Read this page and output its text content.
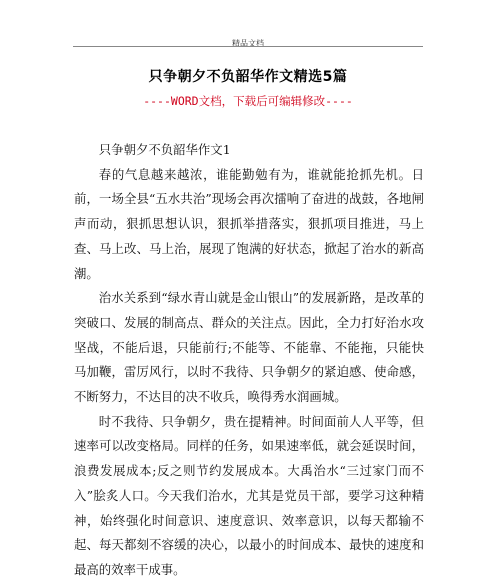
精品文档
只争朝夕不负韶华作文精选5篇
----WORD文档，下载后可编辑修改----

只争朝夕不负韶华作文1

春的气息越来越浓，谁能勤勉有为，谁就能抢抓先机。日前，一场全县“五水共治”现场会再次擂响了奋进的战鼓，各地闸声而动，狠抓思想认识，狠抓举措落实，狠抓项目推进，马上查、马上改、马上治，展现了饱满的好状态，掀起了治水的新高潮。

治水关系到“绿水青山就是金山银山”的发展新路，是改革的突破口、发展的制高点、群众的关注点。因此，全力打好治水攻坚战，不能后退，只能前行;不能等、不能靠、不能拖，只能快马加鞭，雷厉风行，以时不我待、只争朝夕的紧迫感、使命感，不断努力，不达目的决不收兵，唤得秀水润画城。

时不我待、只争朝夕，贵在提精神。时间面前人人平等，但速率可以改变格局。同样的任务，如果速率低，就会延误时间，浪费发展成本;反之则节约发展成本。大禹治水“三过家门而不入”脍炙人口。今天我们治水，尤其是党员干部，要学习这种精神，始终强化时间意识、速度意识、效率意识，以每天都输不起、每天都刻不容缓的决心，以最小的时间成本、最快的速度和最高的效率干成事。
